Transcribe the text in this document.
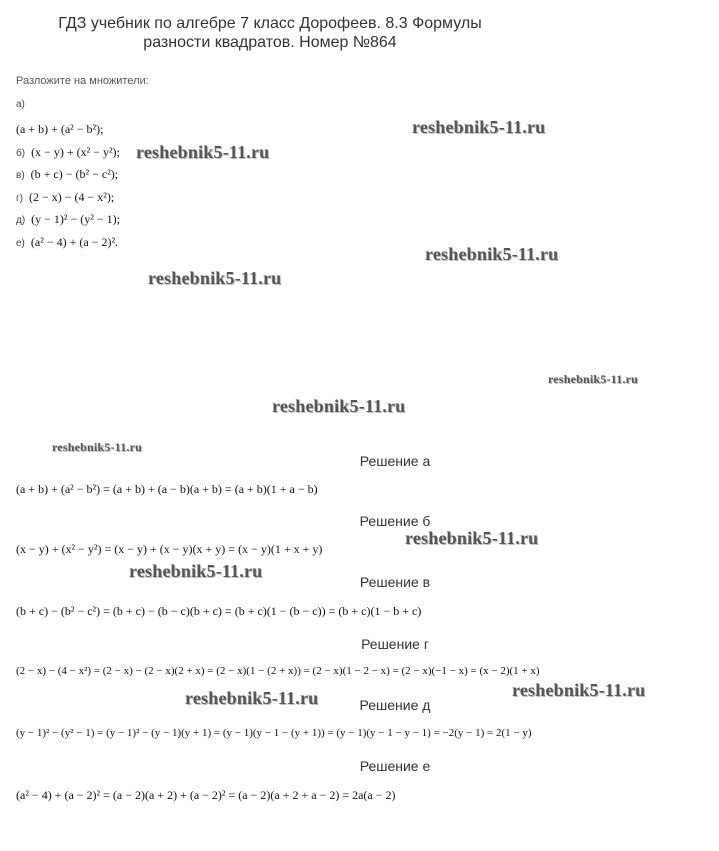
ГДЗ учебник по алгебре 7 класс Дорофеев. 8.3 Формулы
разности квадратов. Номер №864
Разложите на множители:
а)
(a + b) + (a² − b²);
б) (x − y) + (x² − y²);
в) (b + c) − (b² − c²);
г) (2 − x) − (4 − x²);
д) (y − 1)² − (y² − 1);
е) (a² − 4) + (a − 2)².
Решение а
(a + b) + (a² − b²) = (a + b) + (a − b)(a + b) = (a + b)(1 + a − b)
Решение б
(x − y) + (x² − y²) = (x − y) + (x − y)(x + y) = (x − y)(1 + x + y)
Решение в
(b + c) − (b² − c²) = (b + c) − (b − c)(b + c) = (b + c)(1 − (b − c)) = (b + c)(1 − b + c)
Решение г
(2 − x) − (4 − x²) = (2 − x) − (2 − x)(2 + x) = (2 − x)(1 − (2 + x)) = (2 − x)(1 − 2 − x) = (2 − x)(−1 − x) = (x − 2)(1 + x)
Решение д
(y − 1)² − (y² − 1) = (y − 1)² − (y − 1)(y + 1) = (y − 1)(y − 1 − (y + 1)) = (y − 1)(y − 1 − y − 1) = −2(y − 1) = 2(1 − y)
Решение е
(a² − 4) + (a − 2)² = (a − 2)(a + 2) + (a − 2)² = (a − 2)(a + 2 + a − 2) = 2a(a − 2)
reshebnik5-11.ru
reshebnik5-11.ru
reshebnik5-11.ru
reshebnik5-11.ru
reshebnik5-11.ru
reshebnik5-11.ru
reshebnik5-11.ru
reshebnik5-11.ru
reshebnik5-11.ru
reshebnik5-11.ru	reshebnik5-11.ru
